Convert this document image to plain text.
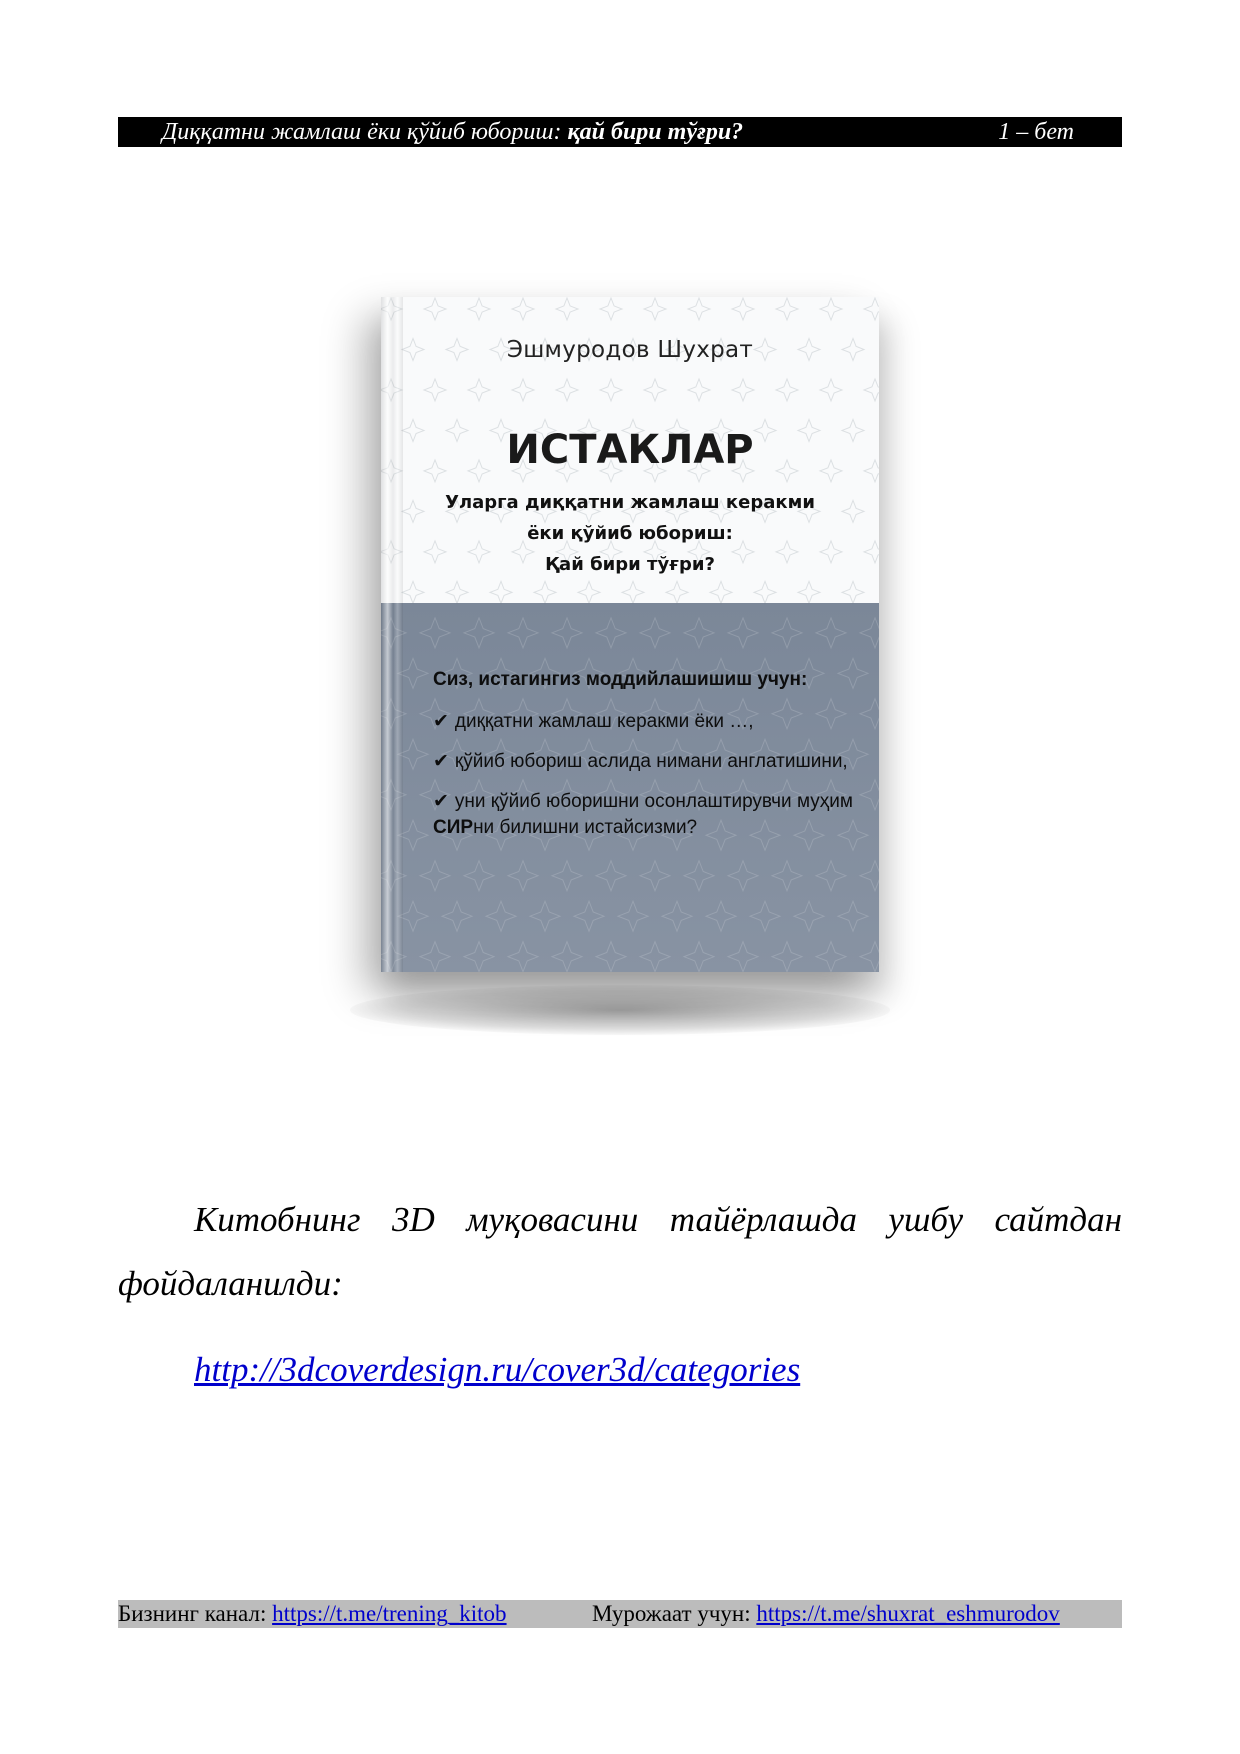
Диққатни жамлаш ёки қўйиб юбориш: қай бири тўғри?	1 – бет
Эшмуродов Шухрат
ИСТАКЛАР
Уларга диққатни жамлаш керакми
ёки қўйиб юбориш:
Қай бири тўғри?
Сиз, истагингиз моддийлашишиш учун:
✔ диққатни жамлаш керакми ёки …,
✔ қўйиб юбориш аслида нимани англатишини,
✔ уни қўйиб юборишни осонлаштирувчи муҳим СИРни билишни истайсизми?

Китобнинг 3D муқовасини тайёрлашда ушбу сайтдан фойдаланилди:

http://3dcoverdesign.ru/cover3d/categories
Бизнинг канал: https://t.me/trening_kitob	Мурожаат учун: https://t.me/shuxrat_eshmurodov
